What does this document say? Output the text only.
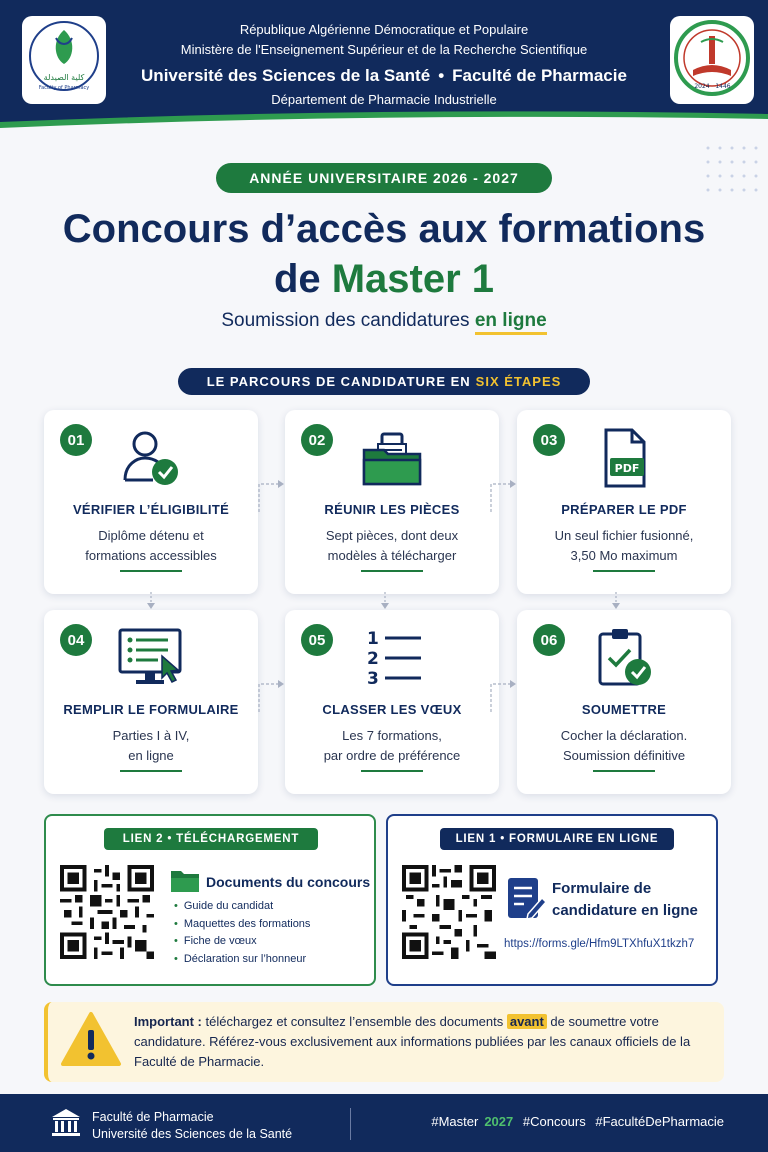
كلية الصيدلة
Faculty of Pharmacy
République Algérienne Démocratique et Populaire
Ministère de l'Enseignement Supérieur et de la Recherche Scientifique
Université des Sciences de la Santé • Faculté de Pharmacie
Département de Pharmacie Industrielle
2024 1446
ANNÉE UNIVERSITAIRE 2026 - 2027
Concours d’accès aux formations
de Master 1
Soumission des candidatures en ligne
LE PARCOURS DE CANDIDATURE EN SIX ÉTAPES
01
VÉRIFIER L’ÉLIGIBILITÉ
Diplôme détenu et
formations accessibles
02
RÉUNIR LES PIÈCES
Sept pièces, dont deux
modèles à télécharger
03
PDF
PRÉPARER LE PDF
Un seul fichier fusionné,
3,50 Mo maximum
04
REMPLIR LE FORMULAIRE
Parties I à IV,
en ligne
05	1
2
3
CLASSER LES VŒUX
Les 7 formations,
par ordre de préférence
06
SOUMETTRE
Cocher la déclaration.
Soumission définitive
LIEN 2 • TÉLÉCHARGEMENT
Documents du concours
• Guide du candidat
• Maquettes des formations
• Fiche de vœux
• Déclaration sur l’honneur
LIEN 1 • FORMULAIRE EN LIGNE
Formulaire de
candidature en ligne
https://forms.gle/Hfm9LTXhfuX1tkzh7
Important : téléchargez et consultez l’ensemble des documents avant de soumettre votre candidature. Référez-vous exclusivement aux informations publiées par les canaux officiels de la Faculté de Pharmacie.
Faculté de Pharmacie
Université des Sciences de la Santé
#Master 2027 #Concours #FacultéDePharmacie
